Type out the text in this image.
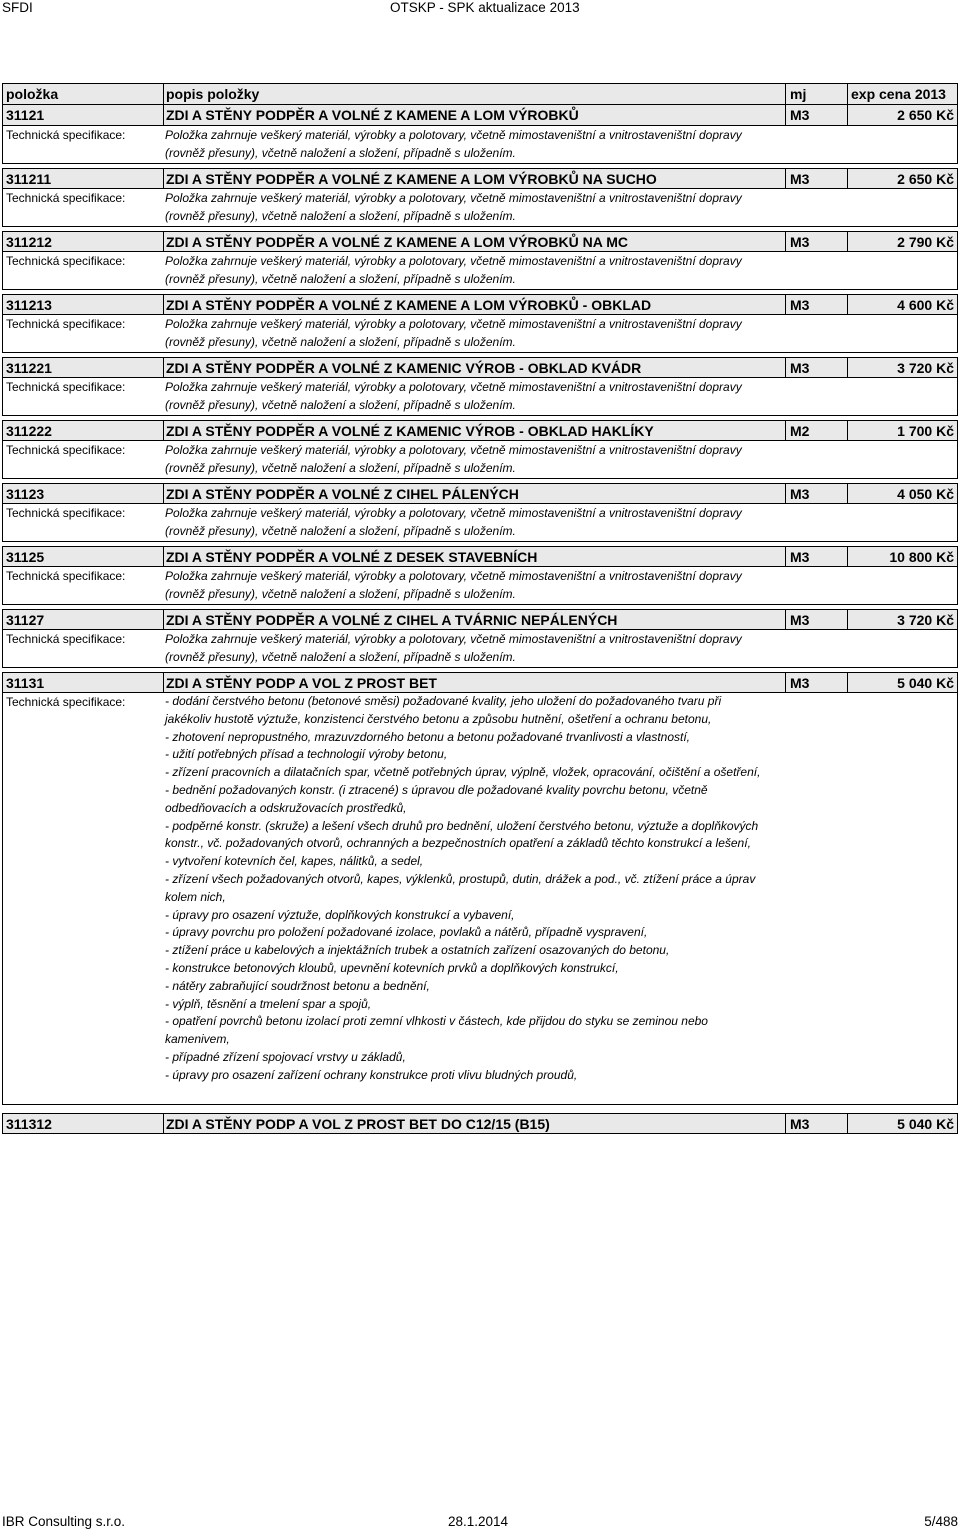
SFDI	OTSKP - SPK aktualizace 2013
položka	popis položky	mj	exp cena 2013
31121	ZDI A STĚNY PODPĚR A VOLNÉ Z KAMENE A LOM VÝROBKŮ	M3	2 650 Kč
Technická specifikace:	Položka zahrnuje veškerý materiál, výrobky a polotovary, včetně mimostaveništní a vnitrostaveništní dopravy
(rovněž přesuny), včetně naložení a složení, případně s uložením.
311211	ZDI A STĚNY PODPĚR A VOLNÉ Z KAMENE A LOM VÝROBKŮ NA SUCHO	M3	2 650 Kč
Technická specifikace:	Položka zahrnuje veškerý materiál, výrobky a polotovary, včetně mimostaveništní a vnitrostaveništní dopravy
(rovněž přesuny), včetně naložení a složení, případně s uložením.
311212	ZDI A STĚNY PODPĚR A VOLNÉ Z KAMENE A LOM VÝROBKŮ NA MC	M3	2 790 Kč
Technická specifikace:	Položka zahrnuje veškerý materiál, výrobky a polotovary, včetně mimostaveništní a vnitrostaveništní dopravy
(rovněž přesuny), včetně naložení a složení, případně s uložením.
311213	ZDI A STĚNY PODPĚR A VOLNÉ Z KAMENE A LOM VÝROBKŮ - OBKLAD	M3	4 600 Kč
Technická specifikace:	Položka zahrnuje veškerý materiál, výrobky a polotovary, včetně mimostaveništní a vnitrostaveništní dopravy
(rovněž přesuny), včetně naložení a složení, případně s uložením.
311221	ZDI A STĚNY PODPĚR A VOLNÉ Z KAMENIC VÝROB - OBKLAD KVÁDR	M3	3 720 Kč
Technická specifikace:	Položka zahrnuje veškerý materiál, výrobky a polotovary, včetně mimostaveništní a vnitrostaveništní dopravy
(rovněž přesuny), včetně naložení a složení, případně s uložením.
311222	ZDI A STĚNY PODPĚR A VOLNÉ Z KAMENIC VÝROB - OBKLAD HAKLÍKY	M2	1 700 Kč
Technická specifikace:	Položka zahrnuje veškerý materiál, výrobky a polotovary, včetně mimostaveništní a vnitrostaveništní dopravy
(rovněž přesuny), včetně naložení a složení, případně s uložením.
31123	ZDI A STĚNY PODPĚR A VOLNÉ Z CIHEL PÁLENÝCH	M3	4 050 Kč
Technická specifikace:	Položka zahrnuje veškerý materiál, výrobky a polotovary, včetně mimostaveništní a vnitrostaveništní dopravy
(rovněž přesuny), včetně naložení a složení, případně s uložením.
31125	ZDI A STĚNY PODPĚR A VOLNÉ Z DESEK STAVEBNÍCH	M3	10 800 Kč
Technická specifikace:	Položka zahrnuje veškerý materiál, výrobky a polotovary, včetně mimostaveništní a vnitrostaveništní dopravy
(rovněž přesuny), včetně naložení a složení, případně s uložením.
31127	ZDI A STĚNY PODPĚR A VOLNÉ Z CIHEL A TVÁRNIC NEPÁLENÝCH	M3	3 720 Kč
Technická specifikace:	Položka zahrnuje veškerý materiál, výrobky a polotovary, včetně mimostaveništní a vnitrostaveništní dopravy
(rovněž přesuny), včetně naložení a složení, případně s uložením.
31131	ZDI A STĚNY PODP A VOL Z PROST BET	M3	5 040 Kč
Technická specifikace:	- dodání čerstvého betonu (betonové směsi) požadované kvality, jeho uložení do požadovaného tvaru při
jakékoliv hustotě výztuže, konzistenci čerstvého betonu a způsobu hutnění, ošetření a ochranu betonu,
- zhotovení nepropustného, mrazuvzdorného betonu a betonu požadované trvanlivosti a vlastností,
- užití potřebných přísad a technologií výroby betonu,
- zřízení pracovních a dilatačních spar, včetně potřebných úprav, výplně, vložek, opracování, očištění a ošetření,
- bednění požadovaných konstr. (i ztracené) s úpravou dle požadované kvality povrchu betonu, včetně
odbedňovacích a odskružovacích prostředků,
- podpěrné konstr. (skruže) a lešení všech druhů pro bednění, uložení čerstvého betonu, výztuže a doplňkových
konstr., vč. požadovaných otvorů, ochranných a bezpečnostních opatření a základů těchto konstrukcí a lešení,
- vytvoření kotevních čel, kapes, nálitků, a sedel,
- zřízení všech požadovaných otvorů, kapes, výklenků, prostupů, dutin, drážek a pod., vč. ztížení práce a úprav
kolem nich,
- úpravy pro osazení výztuže, doplňkových konstrukcí a vybavení,
- úpravy povrchu pro položení požadované izolace, povlaků a nátěrů, případně vyspravení,
- ztížení práce u kabelových a injektážních trubek a ostatních zařízení osazovaných do betonu,
- konstrukce betonových kloubů, upevnění kotevních prvků a doplňkových konstrukcí,
- nátěry zabraňující soudržnost betonu a bednění,
- výplň, těsnění a tmelení spar a spojů,
- opatření povrchů betonu izolací proti zemní vlhkosti v částech, kde přijdou do styku se zeminou nebo
kamenivem,
- případné zřízení spojovací vrstvy u základů,
- úpravy pro osazení zařízení ochrany konstrukce proti vlivu bludných proudů,
311312	ZDI A STĚNY PODP A VOL Z PROST BET DO C12/15 (B15)	M3	5 040 Kč
IBR Consulting s.r.o.	28.1.2014	5/488
